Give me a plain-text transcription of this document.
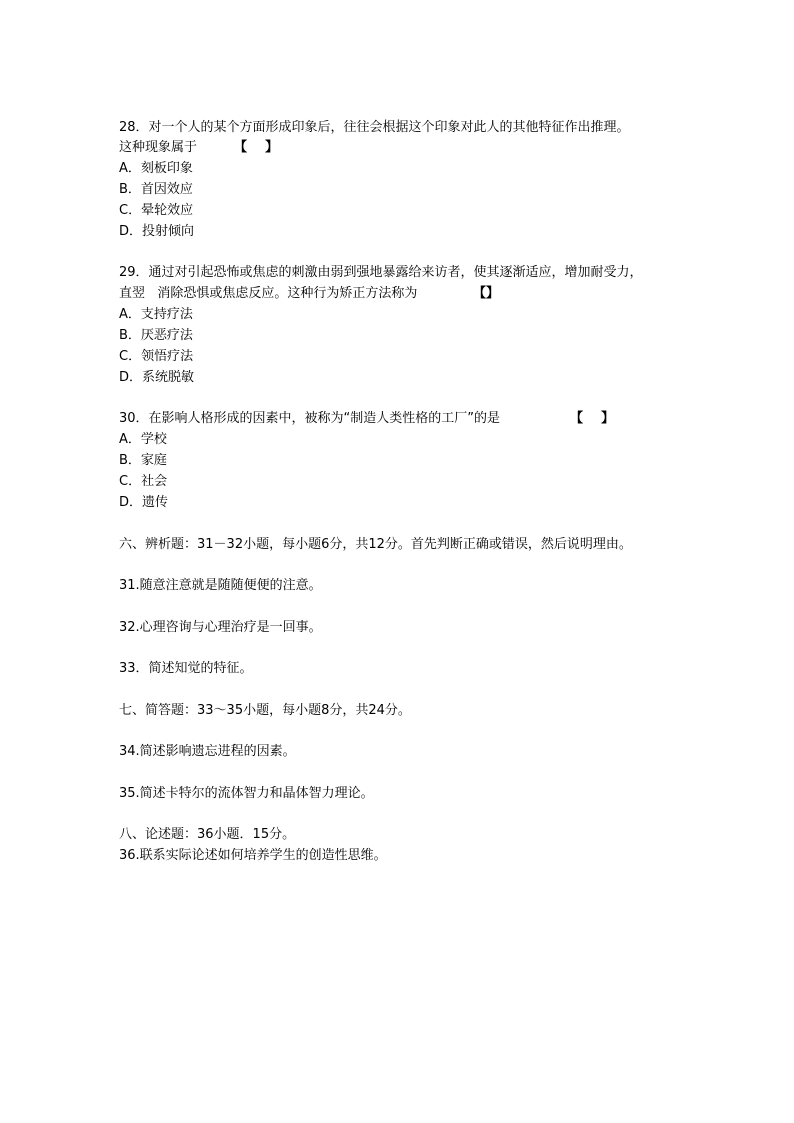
28．对一个人的某个方面形成印象后，往往会根据这个印象对此人的其他特征作出推理。
这种现象属于	【    】
A．刻板印象
B．首因效应
C．晕轮效应
D．投射倾向
29．通过对引起恐怖或焦虑的刺激由弱到强地暴露给来访者，使其逐渐适应，增加耐受力，
直翌   消除恐惧或焦虑反应。这种行为矫正方法称为	【】
A．支持疗法
B．厌恶疗法
C．领悟疗法
D．系统脱敏
30．在影响人格形成的因素中，被称为“制造人类性格的工厂”的是	【    】
A．学校
B．家庭
C．社会
D．遗传
六、辨析题：31－32小题，每小题6分，共12分。首先判断正确或错误，然后说明理由。
31.随意注意就是随随便便的注意。
32.心理咨询与心理治疗是一回事。
33．简述知觉的特征。
七、简答题：33～35小题，每小题8分，共24分。
34.简述影响遗忘进程的因素。
35.简述卡特尔的流体智力和晶体智力理论。
八、论述题：36小题．15分。
36.联系实际论述如何培养学生的创造性思维。
